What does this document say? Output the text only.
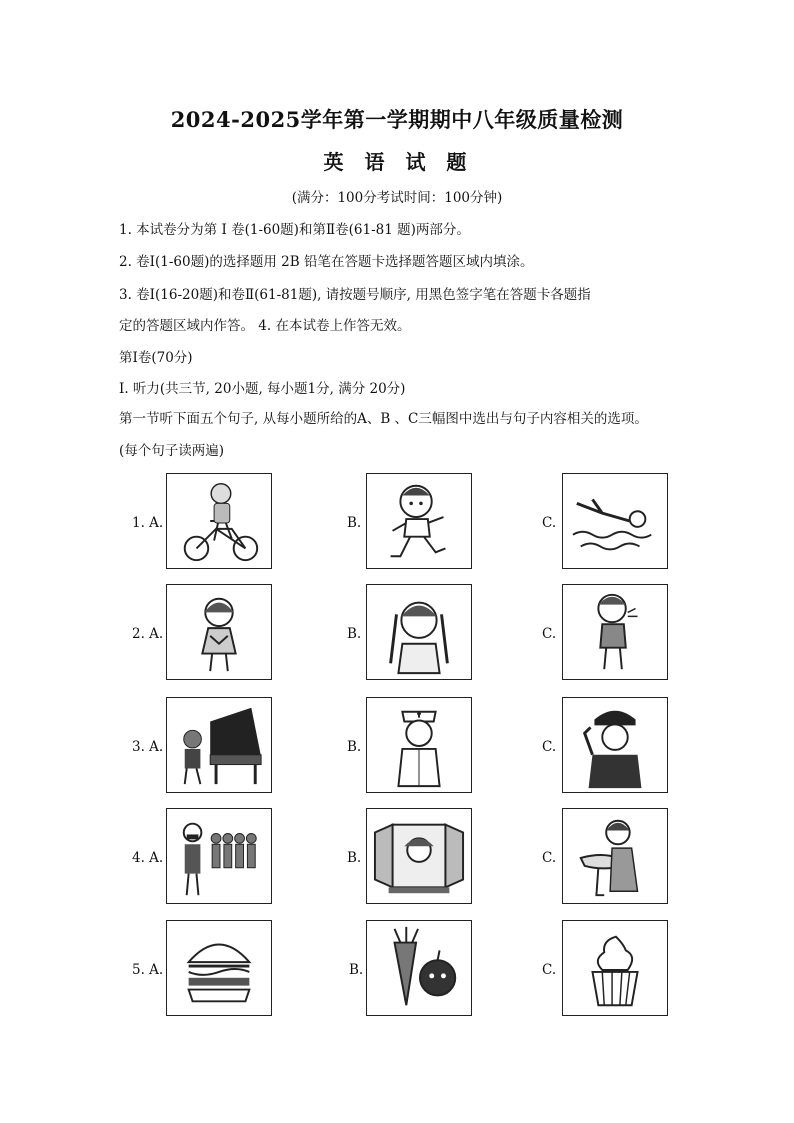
2024-2025学年第一学期期中八年级质量检测
英 语 试 题
(满分：100分考试时间：100分钟)
1. 本试卷分为第 I 卷(1-60题)和第Ⅱ卷(61-81 题)两部分。
2. 卷Ⅰ(1-60题)的选择题用 2B 铅笔在答题卡选择题答题区域内填涂。
3. 卷Ⅰ(16-20题)和卷Ⅱ(61-81题), 请按题号顺序, 用黑色签字笔在答题卡各题指
定的答题区域内作答。 4. 在本试卷上作答无效。
第Ⅰ卷(70分)
I. 听力(共三节, 20小题, 每小题1分, 满分 20分)
第一节听下面五个句子, 从每小题所给的A、B 、C三幅图中选出与句子内容相关的选项。
(每个句子读两遍)
1. A.	B.	C.
2. A.	B.	C.
3. A.	B.	C.
4. A.	B.	C.
5. A.	B.	C.
